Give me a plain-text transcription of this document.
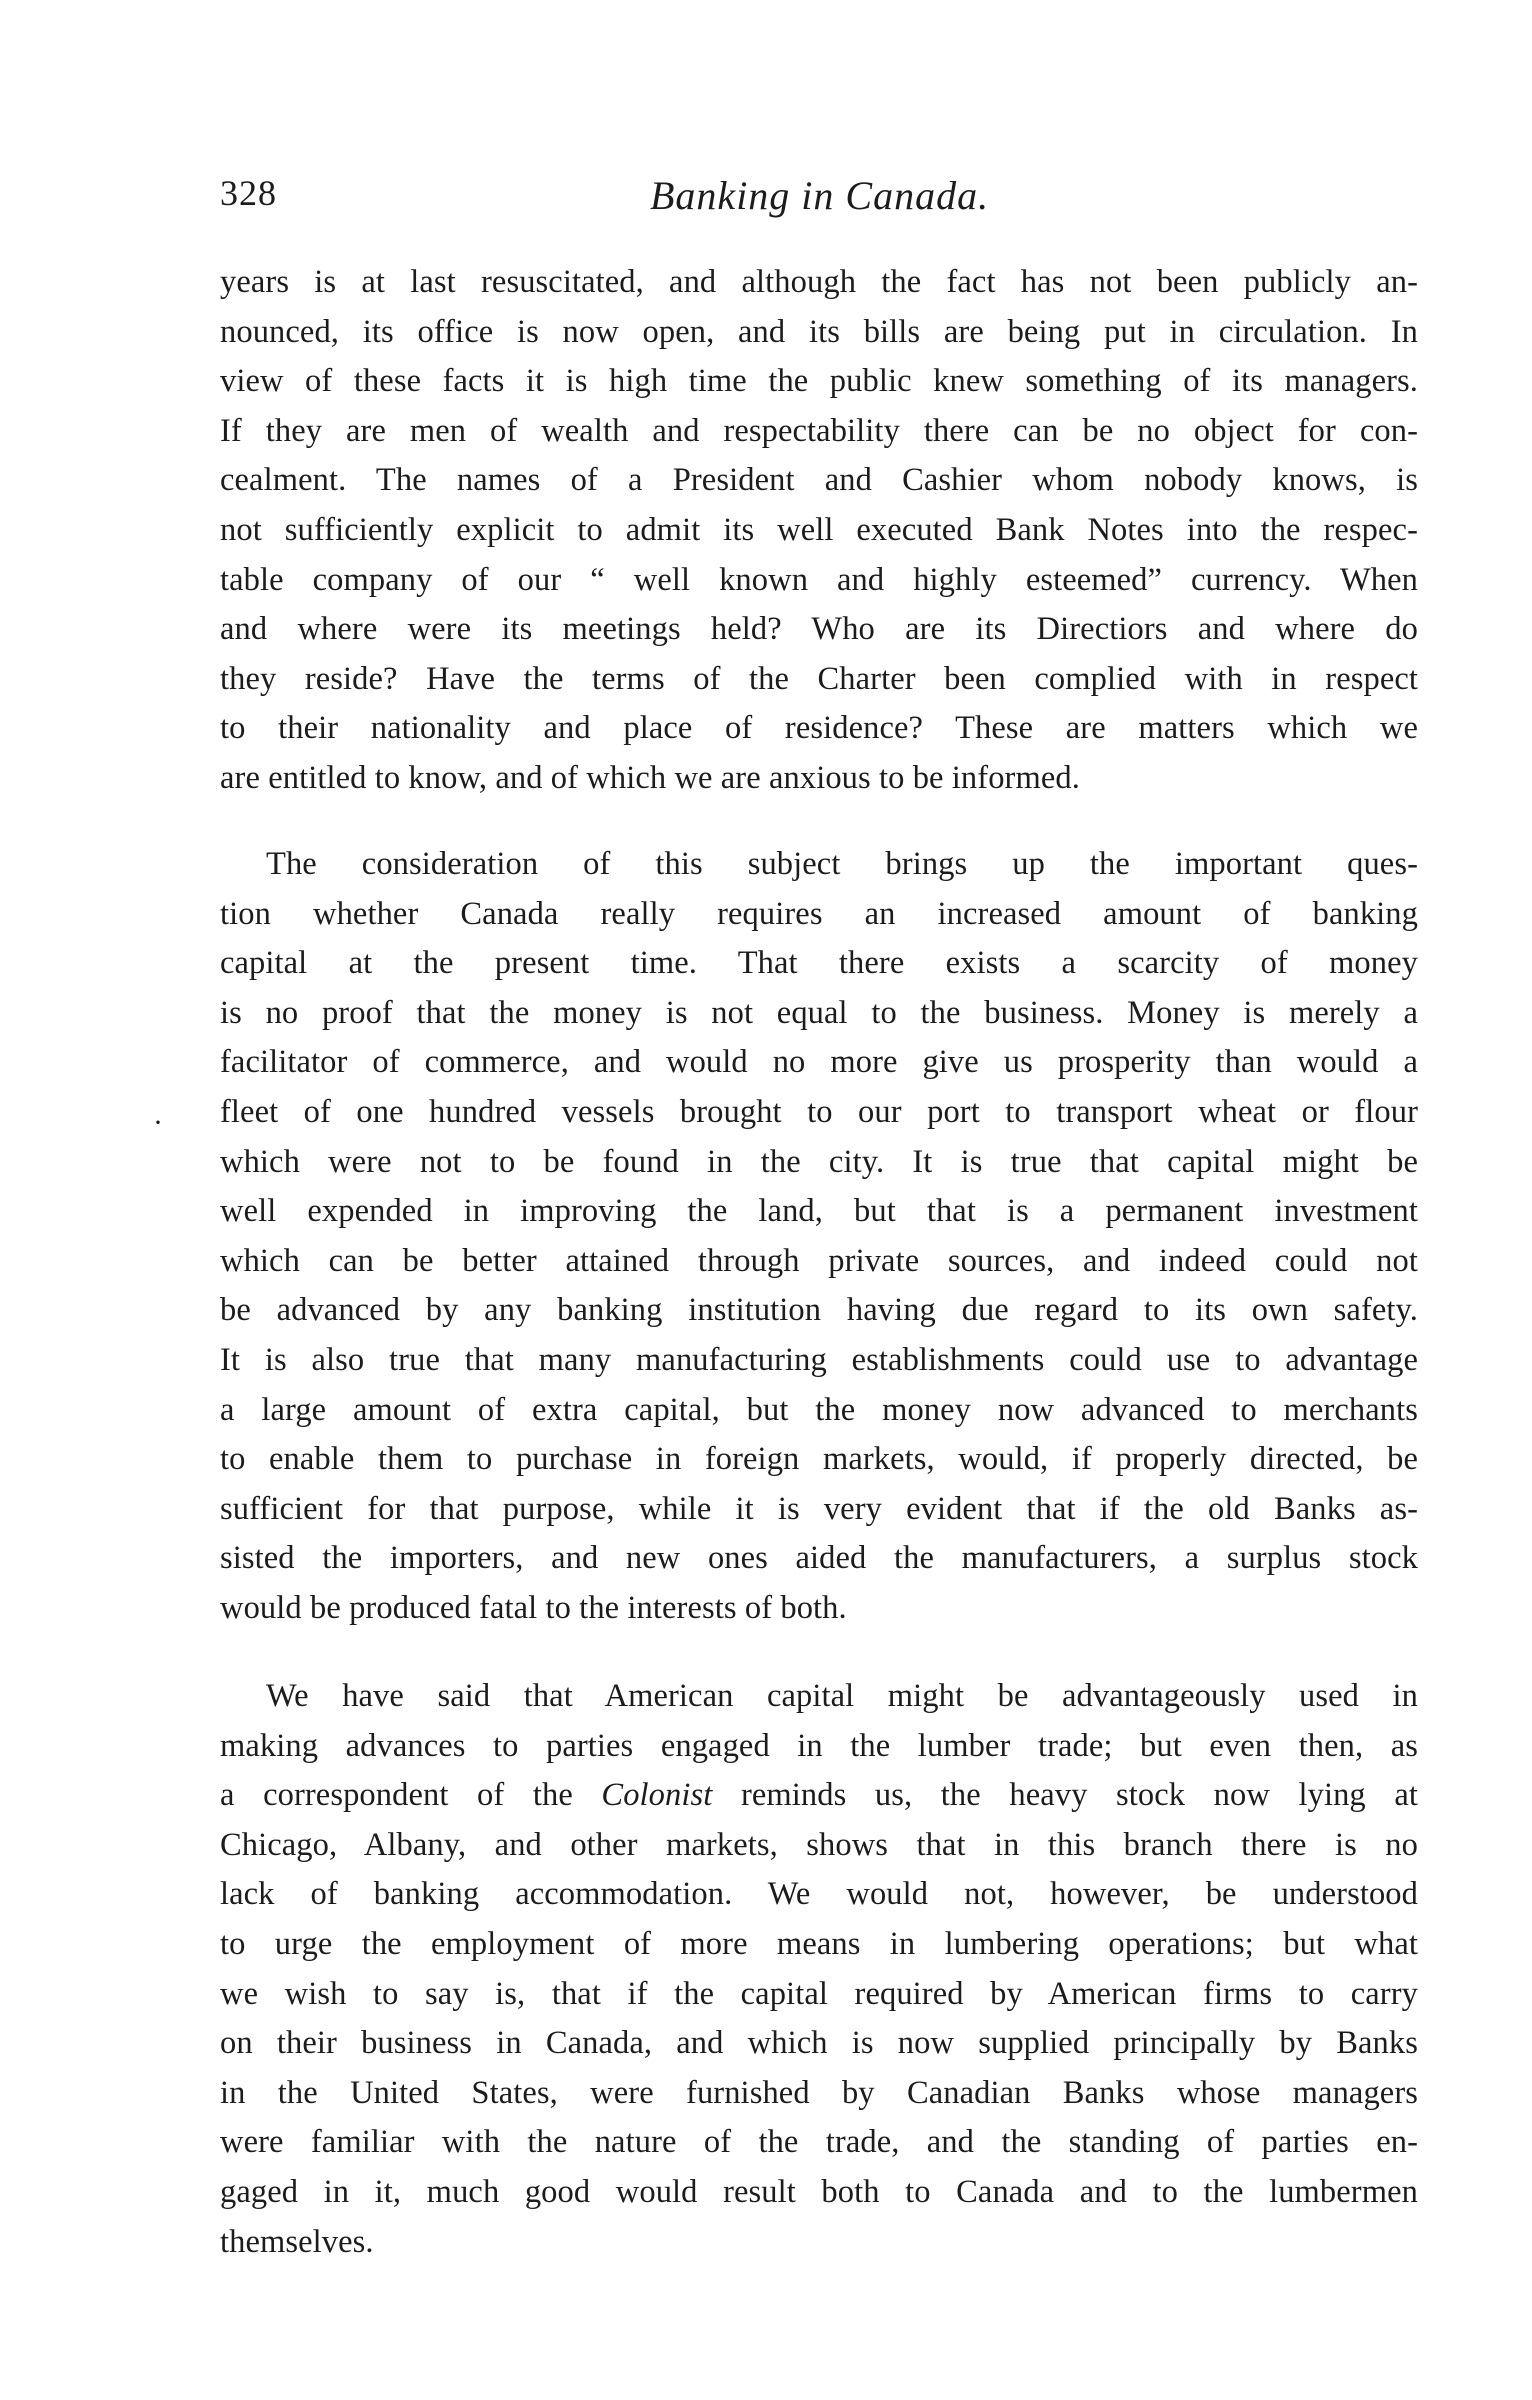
328	Banking in Canada.
·
years is at last resuscitated, and although the fact has not been publicly an-
nounced, its office is now open, and its bills are being put in circulation. In
view of these facts it is high time the public knew something of its managers.
If they are men of wealth and respectability there can be no object for con-
cealment. The names of a President and Cashier whom nobody knows, is
not sufficiently explicit to admit its well executed Bank Notes into the respec-
table company of our “ well known and highly esteemed” currency. When
and where were its meetings held? Who are its Directiors and where do
they reside? Have the terms of the Charter been complied with in respect
to their nationality and place of residence? These are matters which we
are entitled to know, and of which we are anxious to be informed.
The consideration of this subject brings up the important ques-
tion whether Canada really requires an increased amount of banking
capital at the present time. That there exists a scarcity of money
is no proof that the money is not equal to the business. Money is merely a
facilitator of commerce, and would no more give us prosperity than would a
fleet of one hundred vessels brought to our port to transport wheat or flour
which were not to be found in the city. It is true that capital might be
well expended in improving the land, but that is a permanent investment
which can be better attained through private sources, and indeed could not
be advanced by any banking institution having due regard to its own safety.
It is also true that many manufacturing establishments could use to advantage
a large amount of extra capital, but the money now advanced to merchants
to enable them to purchase in foreign markets, would, if properly directed, be
sufficient for that purpose, while it is very evident that if the old Banks as-
sisted the importers, and new ones aided the manufacturers, a surplus stock
would be produced fatal to the interests of both.
We have said that American capital might be advantageously used in
making advances to parties engaged in the lumber trade; but even then, as
a correspondent of the Colonist reminds us, the heavy stock now lying at
Chicago, Albany, and other markets, shows that in this branch there is no
lack of banking accommodation. We would not, however, be understood
to urge the employment of more means in lumbering operations; but what
we wish to say is, that if the capital required by American firms to carry
on their business in Canada, and which is now supplied principally by Banks
in the United States, were furnished by Canadian Banks whose managers
were familiar with the nature of the trade, and the standing of parties en-
gaged in it, much good would result both to Canada and to the lumbermen
themselves.
